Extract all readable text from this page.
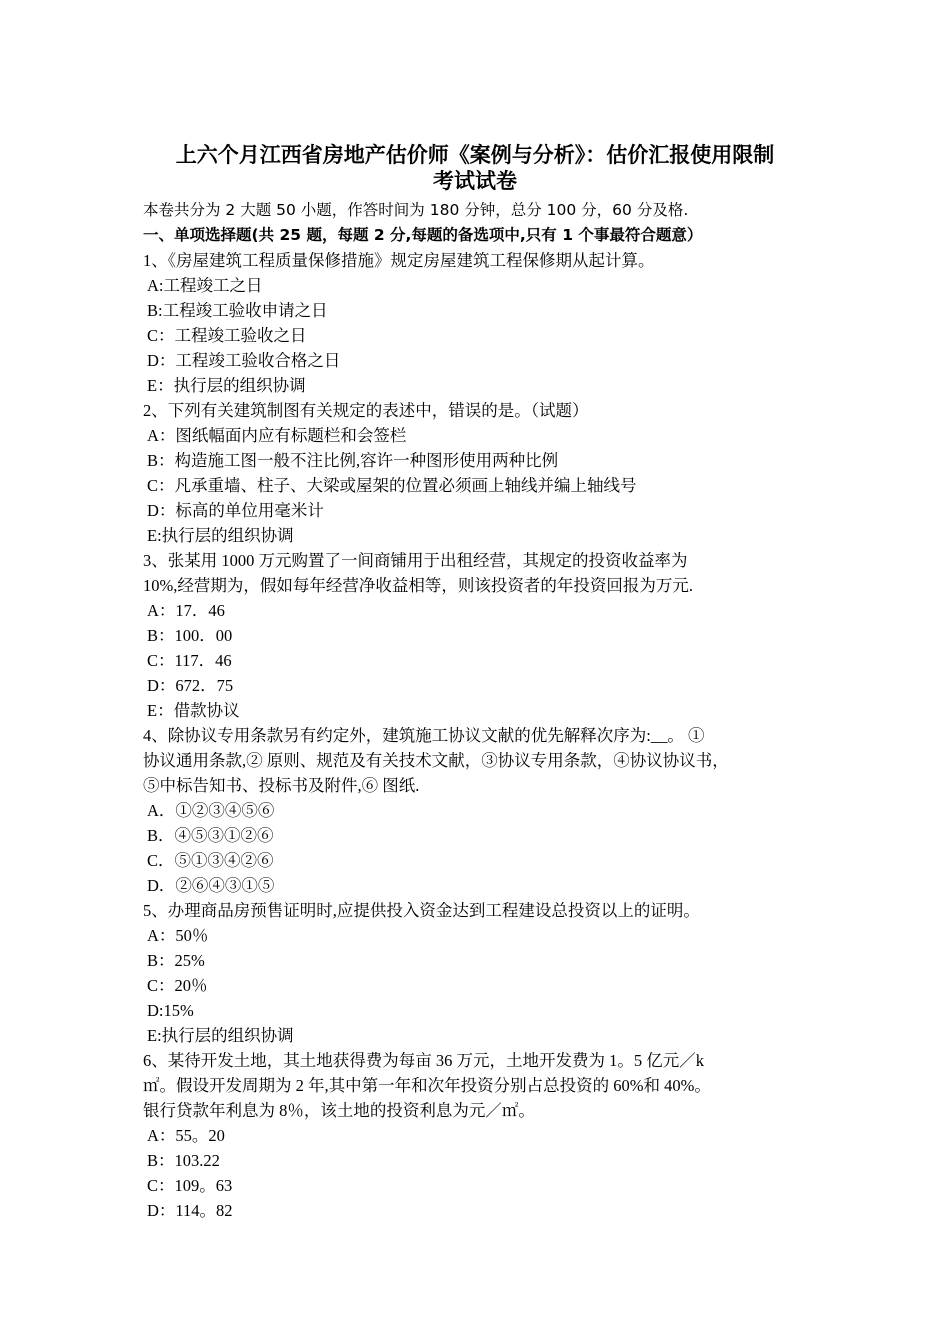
上六个月江西省房地产估价师《案例与分析》：估价汇报使用限制
考试试卷
本卷共分为 2 大题 50 小题，作答时间为 180 分钟，总分 100 分，60 分及格.
一、单项选择题(共 25 题，每题 2 分,每题的备选项中,只有 1 个事最符合题意）
1、《房屋建筑工程质量保修措施》规定房屋建筑工程保修期从起计算。
A:工程竣工之日
B:工程竣工验收申请之日
C：工程竣工验收之日
D：工程竣工验收合格之日
E：执行层的组织协调
2、下列有关建筑制图有关规定的表述中，错误的是。（试题）
A：图纸幅面内应有标题栏和会签栏
B：构造施工图一般不注比例,容许一种图形使用两种比例
C：凡承重墙、柱子、大梁或屋架的位置必须画上轴线并编上轴线号
D：标高的单位用毫米计
E:执行层的组织协调
3、张某用 1000 万元购置了一间商铺用于出租经营，其规定的投资收益率为
10%,经营期为，假如每年经营净收益相等，则该投资者的年投资回报为万元.
A：17．46
B：100．00
C：117．46
D：672．75
E：借款协议
4、除协议专用条款另有约定外，建筑施工协议文献的优先解释次序为:__。 ①
协议通用条款,② 原则、规范及有关技术文献，③协议专用条款，④协议协议书，
⑤中标告知书、投标书及附件,⑥ 图纸.
A．①②③④⑤⑥
B．④⑤③①②⑥
C．⑤①③④②⑥
D．②⑥④③①⑤
5、办理商品房预售证明时,应提供投入资金达到工程建设总投资以上的证明。
A：50％
B：25%
C：20％
D:15%
E:执行层的组织协调
6、某待开发土地，其土地获得费为每亩 36 万元，土地开发费为 1。5 亿元／k
㎡。假设开发周期为 2 年,其中第一年和次年投资分别占总投资的 60%和 40%。
银行贷款年利息为 8％，该土地的投资利息为元／㎡。
A：55。20
B：103.22
C：109。63
D：114。82
